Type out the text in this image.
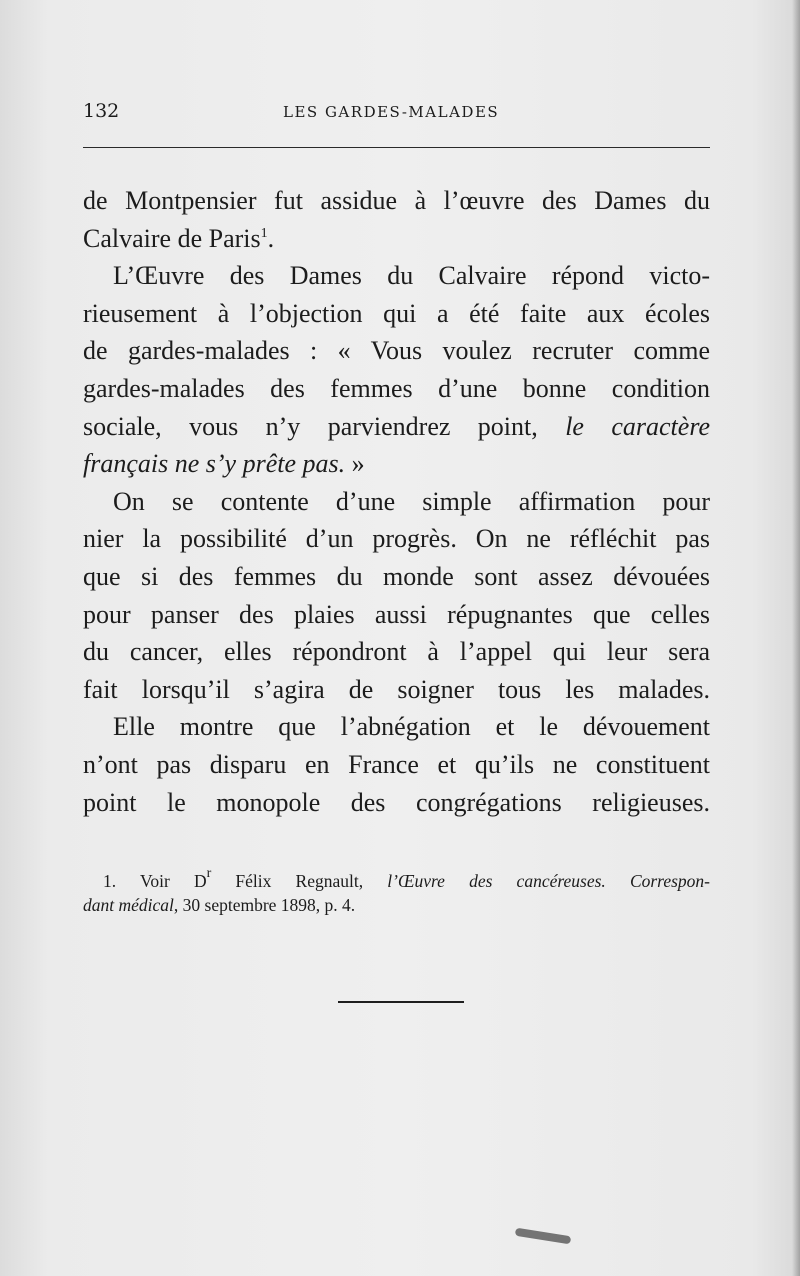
132	LES GARDES-MALADES
de Montpensier fut assidue à l’œuvre des Dames du
Calvaire de Paris$^1$.
L’Œuvre des Dames du Calvaire répond victo-
rieusement à l’objection qui a été faite aux écoles
de gardes-malades : « Vous voulez recruter comme
gardes-malades des femmes d’une bonne condition
sociale, vous n’y parviendrez point, le caractère
français ne s’y prête pas. »
On se contente d’une simple affirmation pour
nier la possibilité d’un progrès. On ne réfléchit pas
que si des femmes du monde sont assez dévouées
pour panser des plaies aussi répugnantes que celles
du cancer, elles répondront à l’appel qui leur sera
fait lorsqu’il s’agira de soigner tous les malades.
Elle montre que l’abnégation et le dévouement
n’ont pas disparu en France et qu’ils ne constituent
point le monopole des congrégations religieuses.
1. Voir $D^r$ Félix Regnault, l’Œuvre des cancéreuses. Correspon-
dant médical, 30 septembre 1898, p. 4.
